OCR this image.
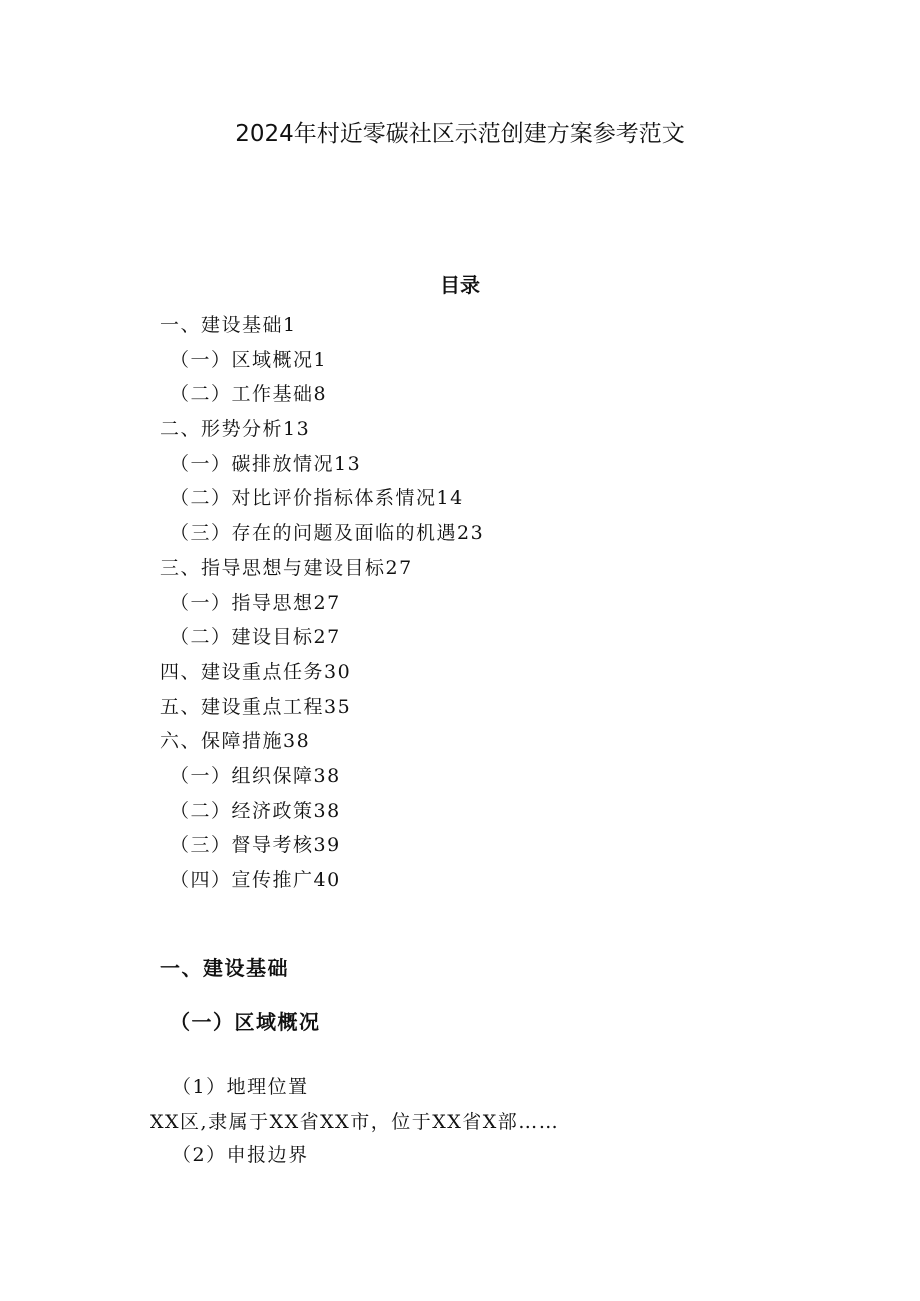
2024年村近零碳社区示范创建方案参考范文
目录
一、建设基础1
（一）区域概况1
（二）工作基础8
二、形势分析13
（一）碳排放情况13
（二）对比评价指标体系情况14
（三）存在的问题及面临的机遇23
三、指导思想与建设目标27
（一）指导思想27
（二）建设目标27
四、建设重点任务30
五、建设重点工程35
六、保障措施38
（一）组织保障38
（二）经济政策38
（三）督导考核39
（四）宣传推广40
一、建设基础
（一）区域概况
（1）地理位置
XX区,隶属于XX省XX市，位于XX省X部……
（2）申报边界
